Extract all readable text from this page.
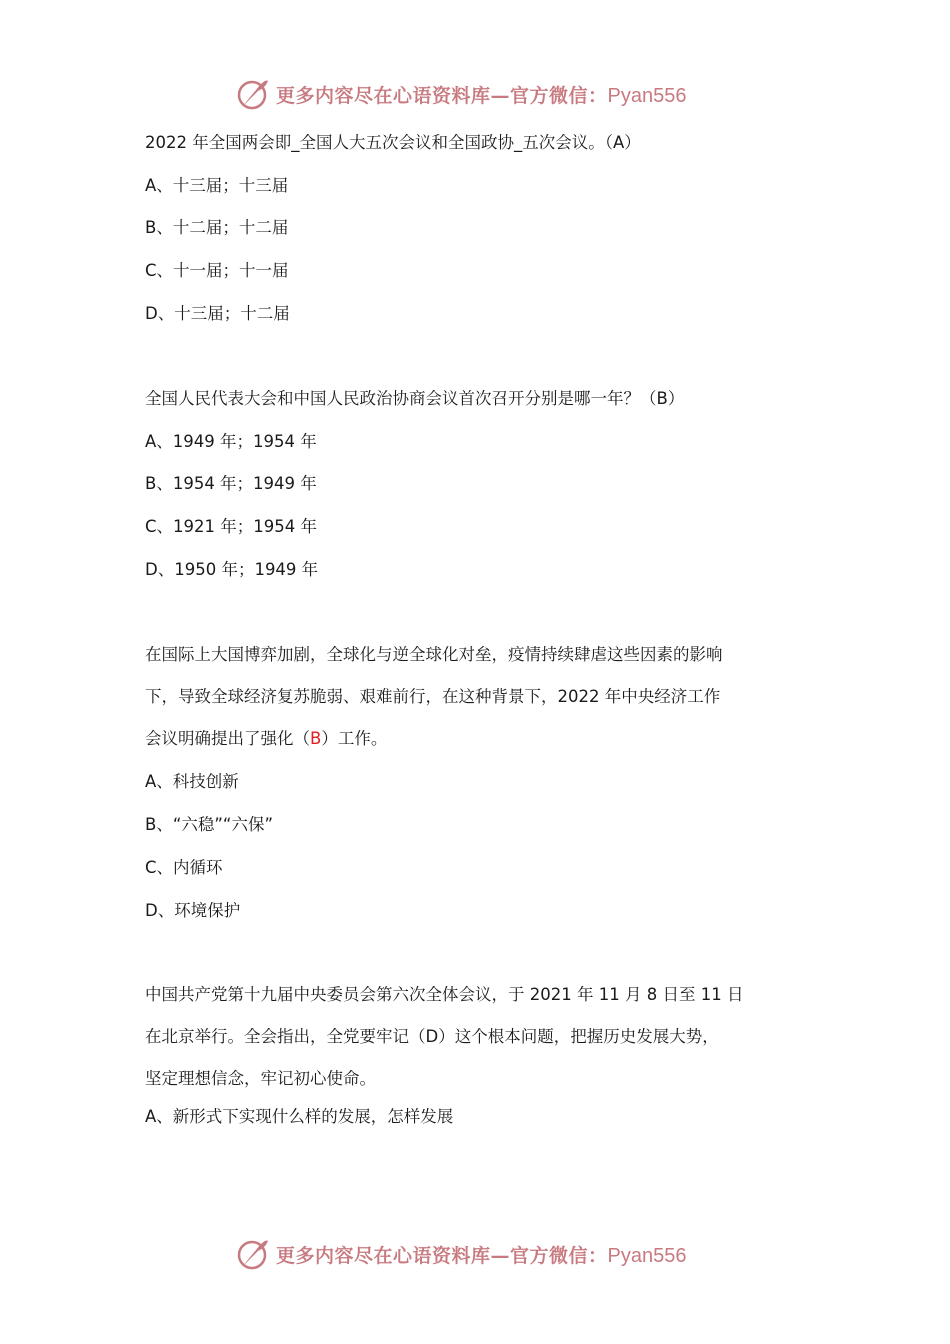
更多内容尽在心语资料库—官方微信：Pyan556
2022 年全国两会即_全国人大五次会议和全国政协_五次会议。（A）
A、十三届；十三届
B、十二届；十二届
C、十一届；十一届
D、十三届；十二届
全国人民代表大会和中国人民政治协商会议首次召开分别是哪一年？（B）
A、1949 年；1954 年
B、1954 年；1949 年
C、1921 年；1954 年
D、1950 年；1949 年
在国际上大国博弈加剧，全球化与逆全球化对垒，疫情持续肆虐这些因素的影响
下，导致全球经济复苏脆弱、艰难前行，在这种背景下，2022 年中央经济工作
会议明确提出了强化（B）工作。
A、科技创新
B、“六稳”“六保”
C、内循环
D、环境保护
中国共产党第十九届中央委员会第六次全体会议，于 2021 年 11 月 8 日至 11 日
在北京举行。全会指出，全党要牢记（D）这个根本问题，把握历史发展大势，
坚定理想信念，牢记初心使命。
A、新形式下实现什么样的发展，怎样发展
更多内容尽在心语资料库—官方微信：Pyan556
